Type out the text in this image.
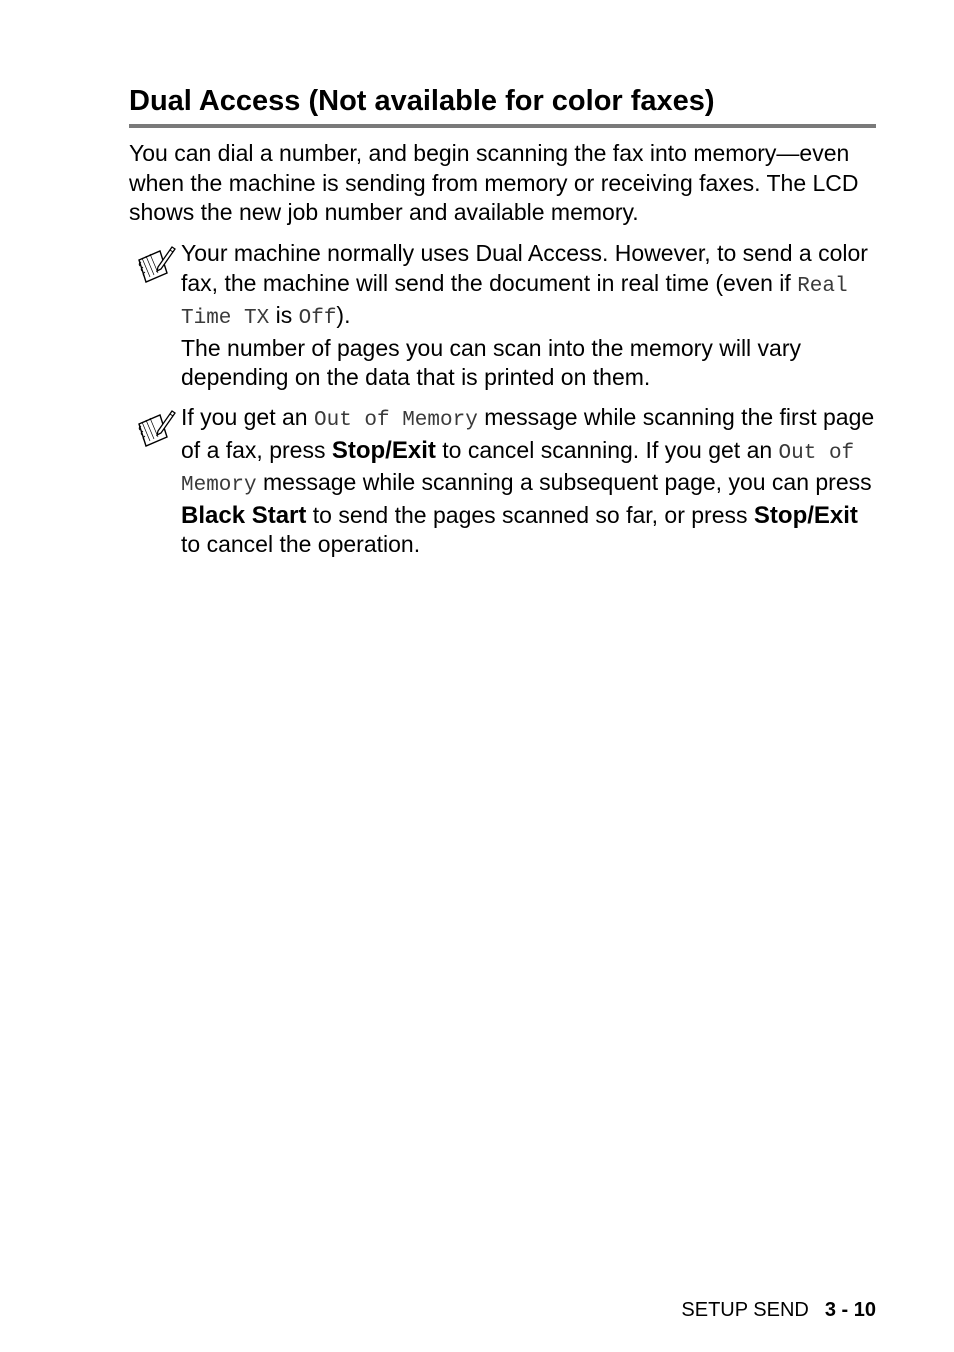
Dual Access (Not available for color faxes)

You can dial a number, and begin scanning the fax into memory—even when the machine is sending from memory or receiving faxes. The LCD shows the new job number and available memory.

Your machine normally uses Dual Access. However, to send a color fax, the machine will send the document in real time (even if Real Time TX is Off).
The number of pages you can scan into the memory will vary depending on the data that is printed on them.

If you get an Out of Memory message while scanning the first page of a fax, press Stop/Exit to cancel scanning. If you get an Out of Memory message while scanning a subsequent page, you can press Black Start to send the pages scanned so far, or press Stop/Exit to cancel the operation.

SETUP SEND 3 - 10
